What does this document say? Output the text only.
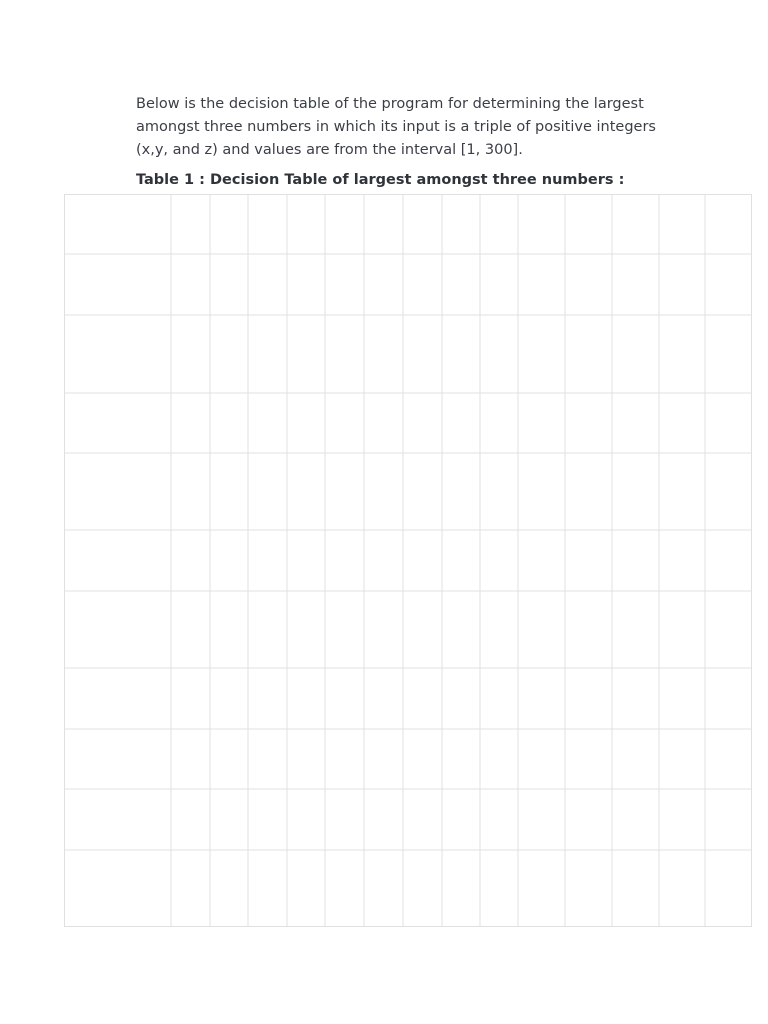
Below is the decision table of the program for determining the largest
amongst three numbers in which its input is a triple of positive integers
(x,y, and z) and values are from the interval [1, 300].

Table 1 : Decision Table of largest amongst three numbers :
